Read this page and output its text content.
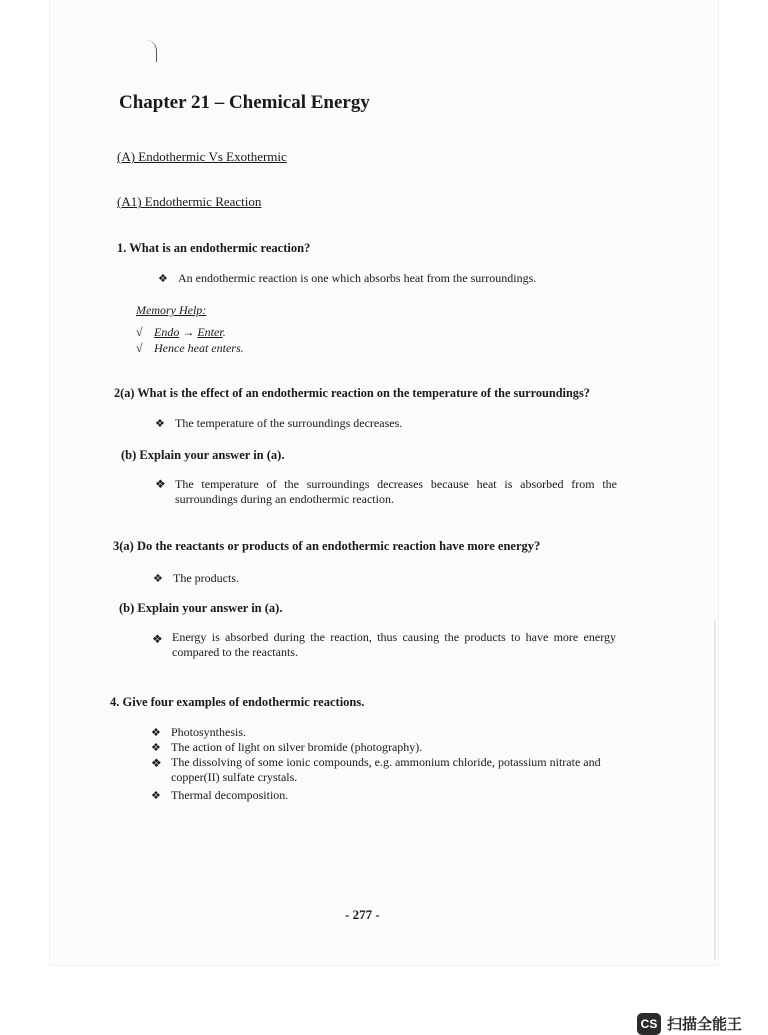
Chapter 21 – Chemical Energy
(A) Endothermic Vs Exothermic
(A1) Endothermic Reaction
1. What is an endothermic reaction?
❖ An endothermic reaction is one which absorbs heat from the surroundings.
Memory Help:
√ Endo → Enter.
√ Hence heat enters.
2(a) What is the effect of an endothermic reaction on the temperature of the surroundings?
❖ The temperature of the surroundings decreases.
(b) Explain your answer in (a).
❖ The temperature of the surroundings decreases because heat is absorbed from the surroundings during an endothermic reaction.
3(a) Do the reactants or products of an endothermic reaction have more energy?
❖ The products.
(b) Explain your answer in (a).
❖ Energy is absorbed during the reaction, thus causing the products to have more energy compared to the reactants.
4. Give four examples of endothermic reactions.
❖ Photosynthesis.
❖ The action of light on silver bromide (photography).
❖ The dissolving of some ionic compounds, e.g. ammonium chloride, potassium nitrate and copper(II) sulfate crystals.
❖ Thermal decomposition.
- 277 -
CS 扫描全能王
